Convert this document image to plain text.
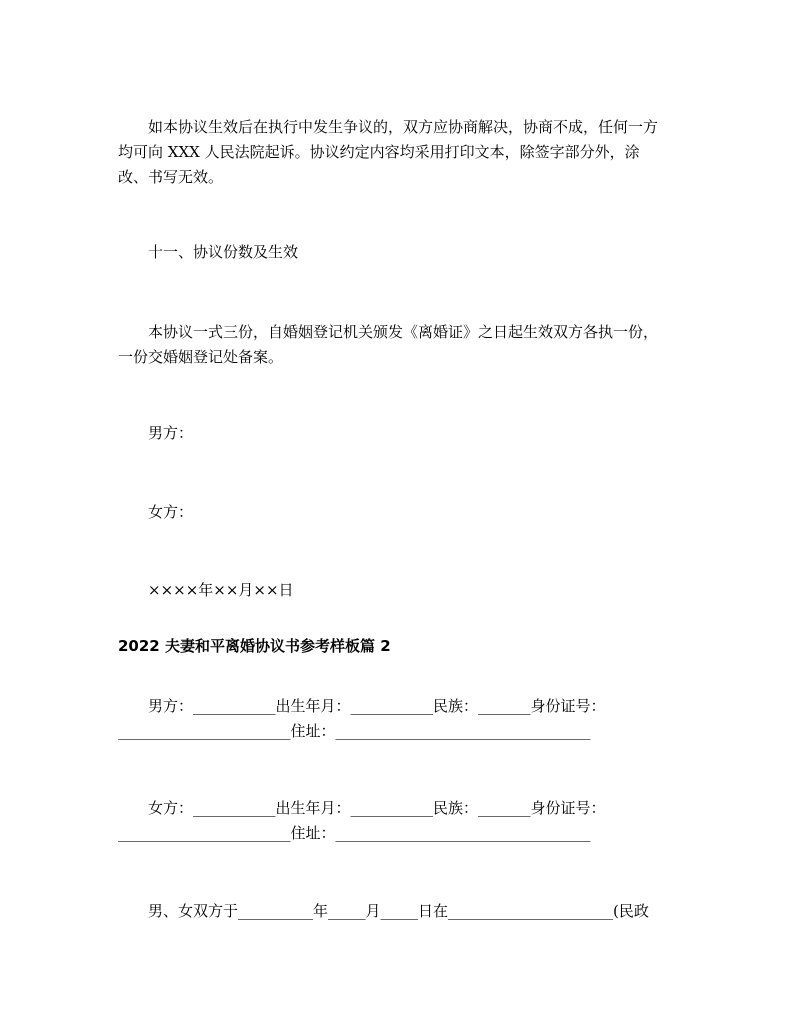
如本协议生效后在执行中发生争议的，双方应协商解决，协商不成，任何一方均可向 XXX 人民法院起诉。协议约定内容均采用打印文本，除签字部分外，涂改、书写无效。

十一、协议份数及生效

本协议一式三份，自婚姻登记机关颁发《离婚证》之日起生效双方各执一份，一份交婚姻登记处备案。

男方：

女方：

××××年××月××日

2022 夫妻和平离婚协议书参考样板篇 2

男方：___________出生年月：___________民族：_______身份证号：

_______________________住址：__________________________________

女方：___________出生年月：___________民族：_______身份证号：

_______________________住址：__________________________________

男、女双方于__________年_____月_____日在______________________(民政
